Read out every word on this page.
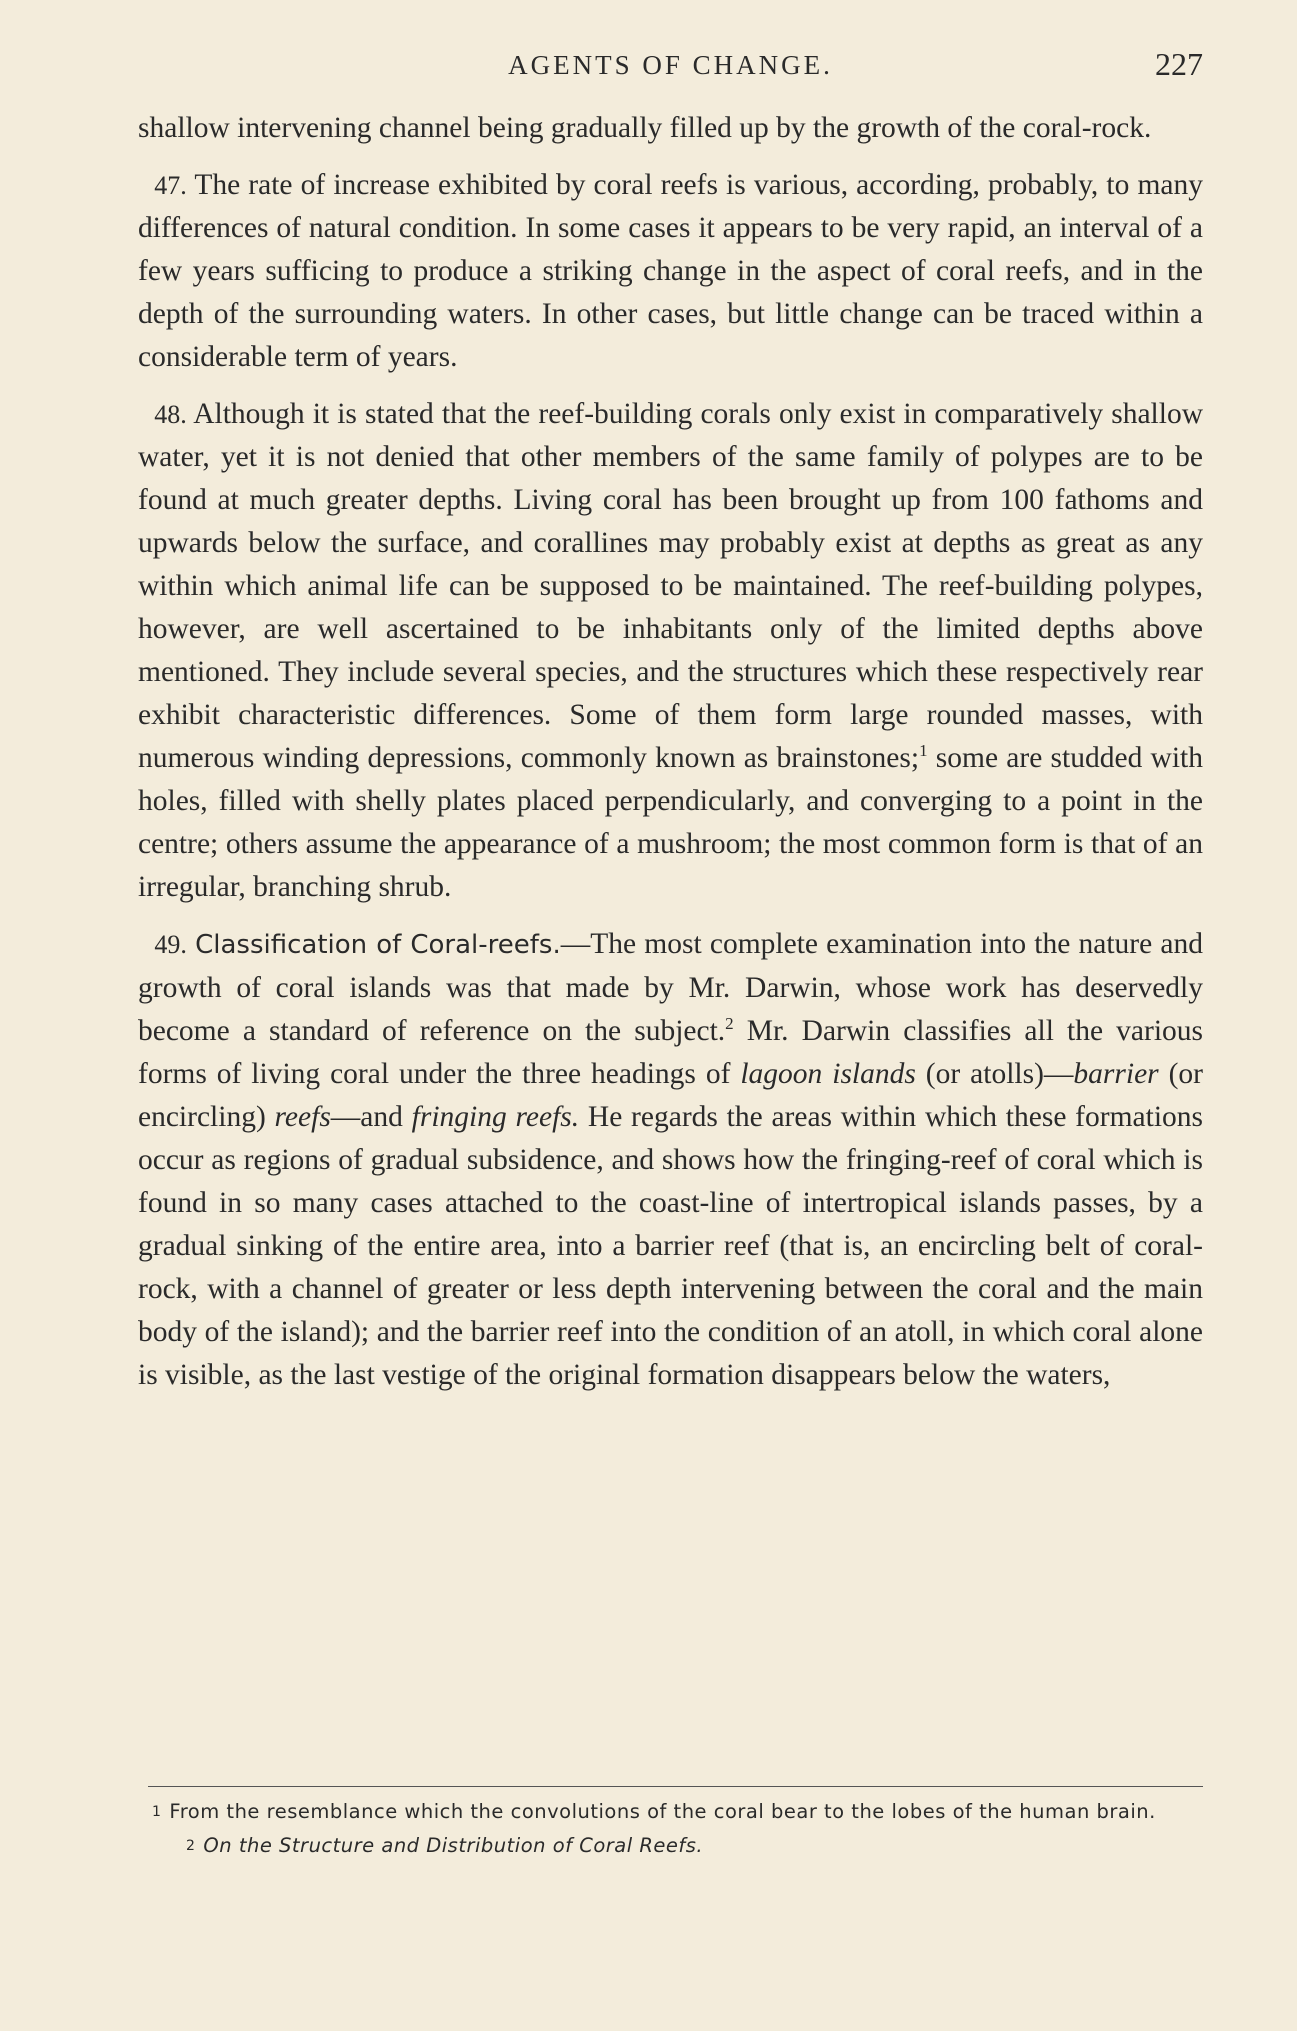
AGENTS OF CHANGE.	227

shallow intervening channel being gradually filled up by the growth of the coral-rock.

47. The rate of increase exhibited by coral reefs is various, according, probably, to many differences of natural condition. In some cases it appears to be very rapid, an interval of a few years sufficing to produce a striking change in the aspect of coral reefs, and in the depth of the surrounding waters. In other cases, but little change can be traced within a considerable term of years.

48. Although it is stated that the reef-building corals only exist in comparatively shallow water, yet it is not denied that other members of the same family of polypes are to be found at much greater depths. Living coral has been brought up from 100 fathoms and upwards below the surface, and corallines may probably exist at depths as great as any within which animal life can be supposed to be maintained. The reef-building polypes, however, are well ascertained to be inhabitants only of the limited depths above mentioned. They include several species, and the structures which these respectively rear exhibit characteristic differences. Some of them form large rounded masses, with numerous winding depressions, commonly known as brainstones;$^1$ some are studded with holes, filled with shelly plates placed perpendicularly, and converging to a point in the centre; others assume the appearance of a mushroom; the most common form is that of an irregular, branching shrub.

49. Classification of Coral-reefs.—The most complete examination into the nature and growth of coral islands was that made by Mr. Darwin, whose work has deservedly become a standard of reference on the subject.$^2$ Mr. Darwin classifies all the various forms of living coral under the three headings of lagoon islands (or atolls)—barrier (or encircling) reefs—and fringing reefs. He regards the areas within which these formations occur as regions of gradual subsidence, and shows how the fringing-reef of coral which is found in so many cases attached to the coast-line of intertropical islands passes, by a gradual sinking of the entire area, into a barrier reef (that is, an encircling belt of coral-rock, with a channel of greater or less depth intervening between the coral and the main body of the island); and the barrier reef into the condition of an atoll, in which coral alone is visible, as the last vestige of the original formation disappears below the waters,

1 From the resemblance which the convolutions of the coral bear to the lobes of the human brain.

2 On the Structure and Distribution of Coral Reefs.
